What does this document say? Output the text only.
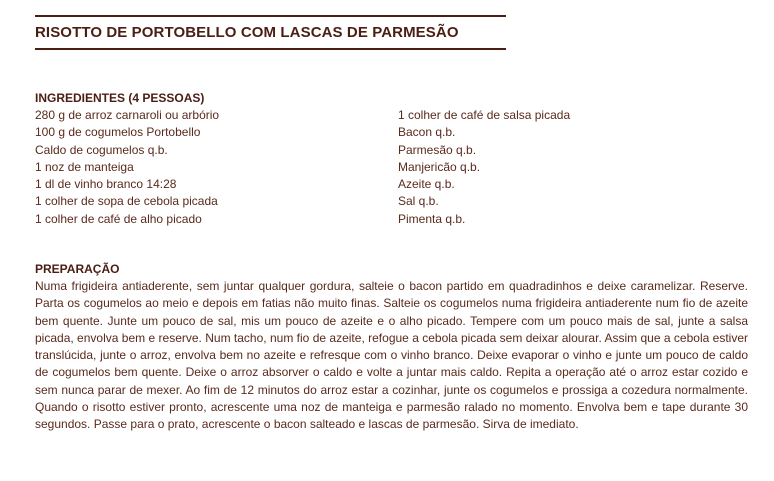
RISOTTO DE PORTOBELLO COM LASCAS DE PARMESÃO
INGREDIENTES (4 PESSOAS)
280 g de arroz carnaroli ou arbório
100 g de cogumelos Portobello
Caldo de cogumelos q.b.
1 noz de manteiga
1 dl de vinho branco 14:28
1 colher de sopa de cebola picada
1 colher de café de alho picado
1 colher de café de salsa picada
Bacon q.b.
Parmesão q.b.
Manjericão q.b.
Azeite q.b.
Sal q.b.
Pimenta q.b.
PREPARAÇÃO

Numa frigideira antiaderente, sem juntar qualquer gordura, salteie o bacon partido em quadradinhos e deixe caramelizar. Reserve. Parta os cogumelos ao meio e depois em fatias não muito finas. Salteie os cogumelos numa frigideira antiaderente num fio de azeite bem quente. Junte um pouco de sal, mis um pouco de azeite e o alho picado. Tempere com um pouco mais de sal, junte a salsa picada, envolva bem e reserve. Num tacho, num fio de azeite, refogue a cebola picada sem deixar alourar. Assim que a cebola estiver translúcida, junte o arroz, envolva bem no azeite e refresque com o vinho branco. Deixe evaporar o vinho e junte um pouco de caldo de cogumelos bem quente. Deixe o arroz absorver o caldo e volte a juntar mais caldo. Repita a operação até o arroz estar cozido e sem nunca parar de mexer. Ao fim de 12 minutos do arroz estar a cozinhar, junte os cogumelos e prossiga a cozedura normalmente. Quando o risotto estiver pronto, acrescente uma noz de manteiga e parmesão ralado no momento. Envolva bem e tape durante 30 segundos. Passe para o prato, acrescente o bacon salteado e lascas de parmesão. Sirva de imediato.
